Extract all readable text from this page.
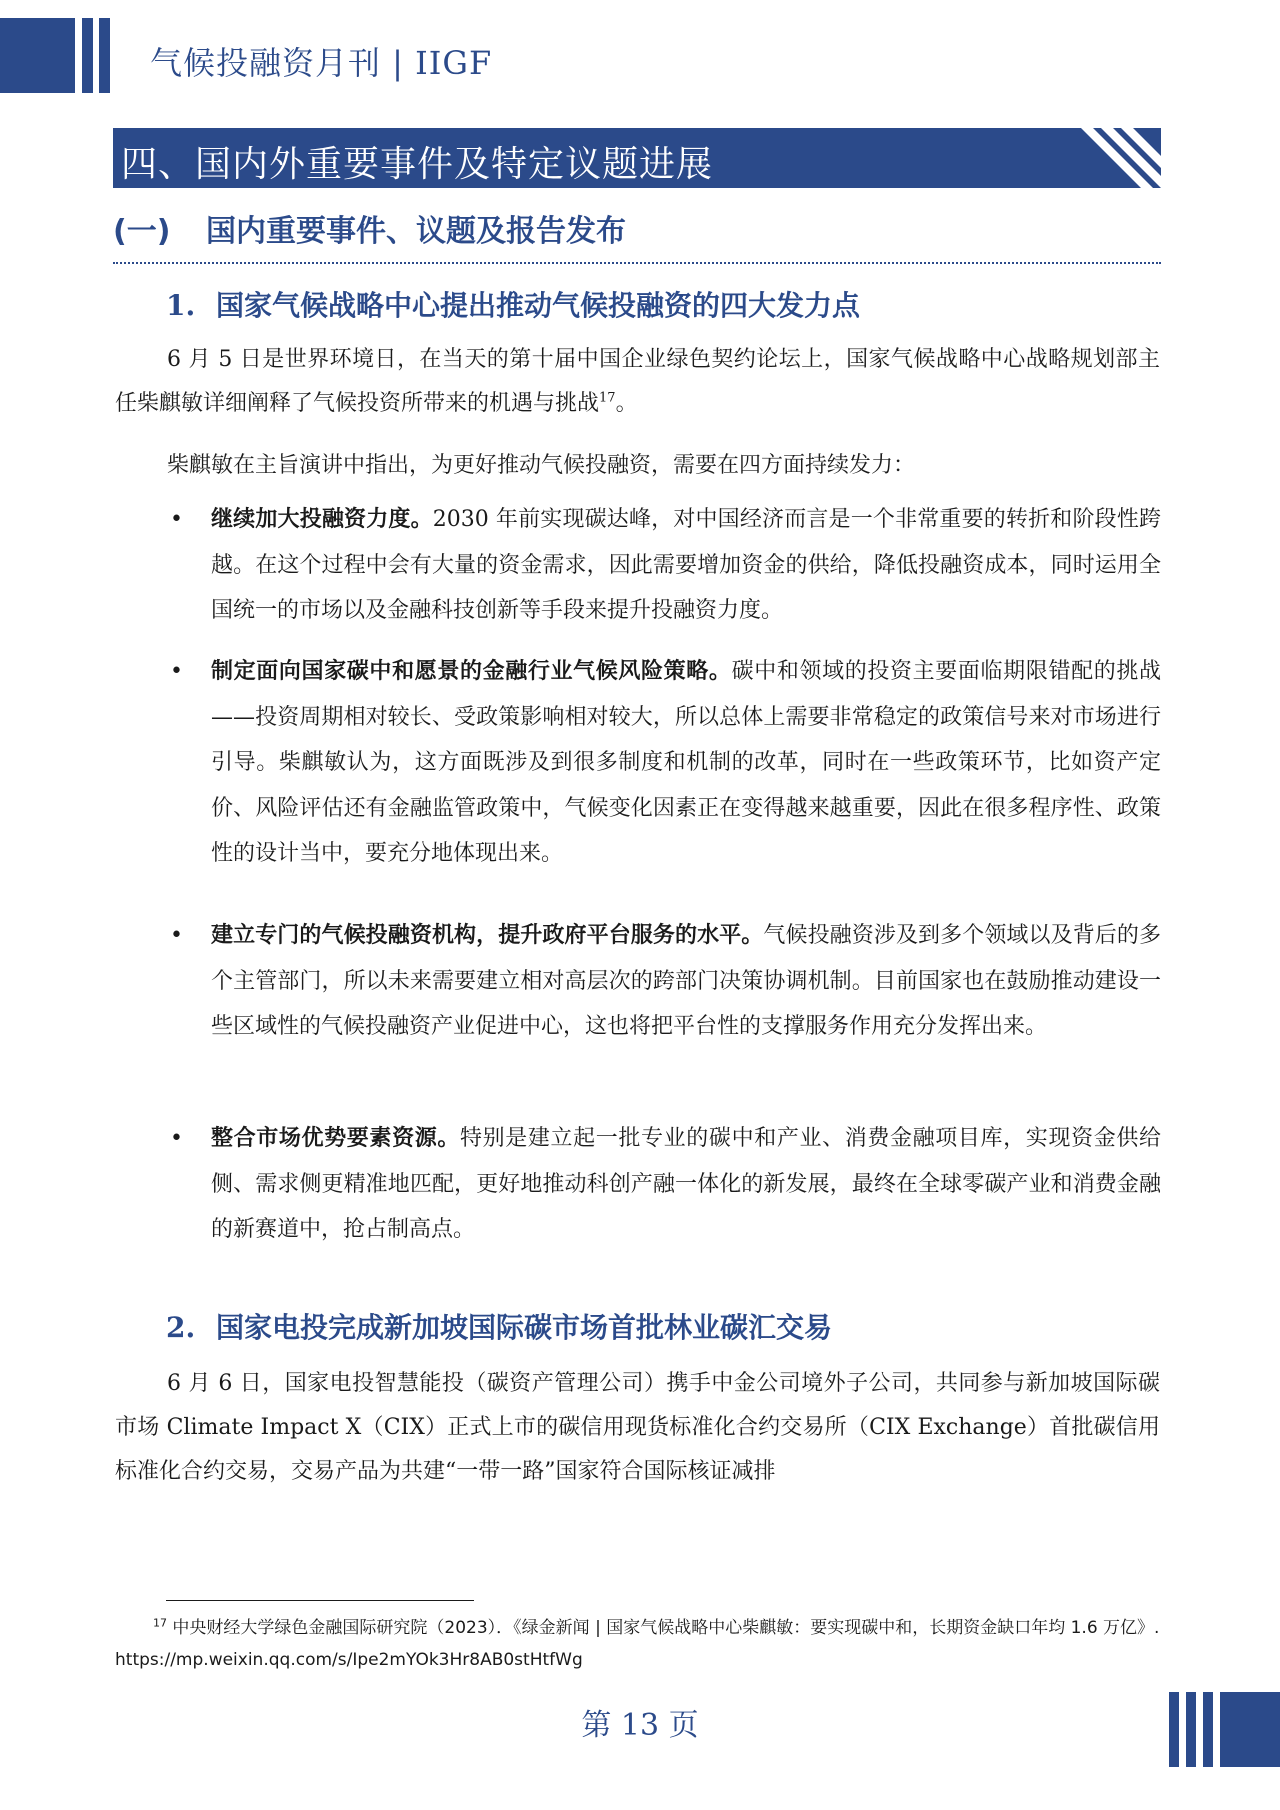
气候投融资月刊 | IIGF
四、国内外重要事件及特定议题进展
(一) 国内重要事件、议题及报告发布
1. 国家气候战略中心提出推动气候投融资的四大发力点

6 月 5 日是世界环境日，在当天的第十届中国企业绿色契约论坛上，国家气候战略中心战略规划部主任柴麒敏详细阐释了气候投资所带来的机遇与挑战$^{17}$。

柴麒敏在主旨演讲中指出，为更好推动气候投融资，需要在四方面持续发力：

• 继续加大投融资力度。2030 年前实现碳达峰，对中国经济而言是一个非常重要的转折和阶段性跨越。在这个过程中会有大量的资金需求，因此需要增加资金的供给，降低投融资成本，同时运用全国统一的市场以及金融科技创新等手段来提升投融资力度。

• 制定面向国家碳中和愿景的金融行业气候风险策略。碳中和领域的投资主要面临期限错配的挑战——投资周期相对较长、受政策影响相对较大，所以总体上需要非常稳定的政策信号来对市场进行引导。柴麒敏认为，这方面既涉及到很多制度和机制的改革，同时在一些政策环节，比如资产定价、风险评估还有金融监管政策中，气候变化因素正在变得越来越重要，因此在很多程序性、政策性的设计当中，要充分地体现出来。

• 建立专门的气候投融资机构，提升政府平台服务的水平。气候投融资涉及到多个领域以及背后的多个主管部门，所以未来需要建立相对高层次的跨部门决策协调机制。目前国家也在鼓励推动建设一些区域性的气候投融资产业促进中心，这也将把平台性的支撑服务作用充分发挥出来。

• 整合市场优势要素资源。特别是建立起一批专业的碳中和产业、消费金融项目库，实现资金供给侧、需求侧更精准地匹配，更好地推动科创产融一体化的新发展，最终在全球零碳产业和消费金融的新赛道中，抢占制高点。

2. 国家电投完成新加坡国际碳市场首批林业碳汇交易

6 月 6 日，国家电投智慧能投（碳资产管理公司）携手中金公司境外子公司，共同参与新加坡国际碳市场 Climate Impact X（CIX）正式上市的碳信用现货标准化合约交易所（CIX Exchange）首批碳信用标准化合约交易，交易产品为共建“一带一路”国家符合国际核证减排

$^{17}$ 中央财经大学绿色金融国际研究院（2023）．《绿金新闻 | 国家气候战略中心柴麒敏：要实现碳中和，长期资金缺口年均 1.6 万亿》. https://mp.weixin.qq.com/s/Ipe2mYOk3Hr8AB0stHtfWg

第 13 页
